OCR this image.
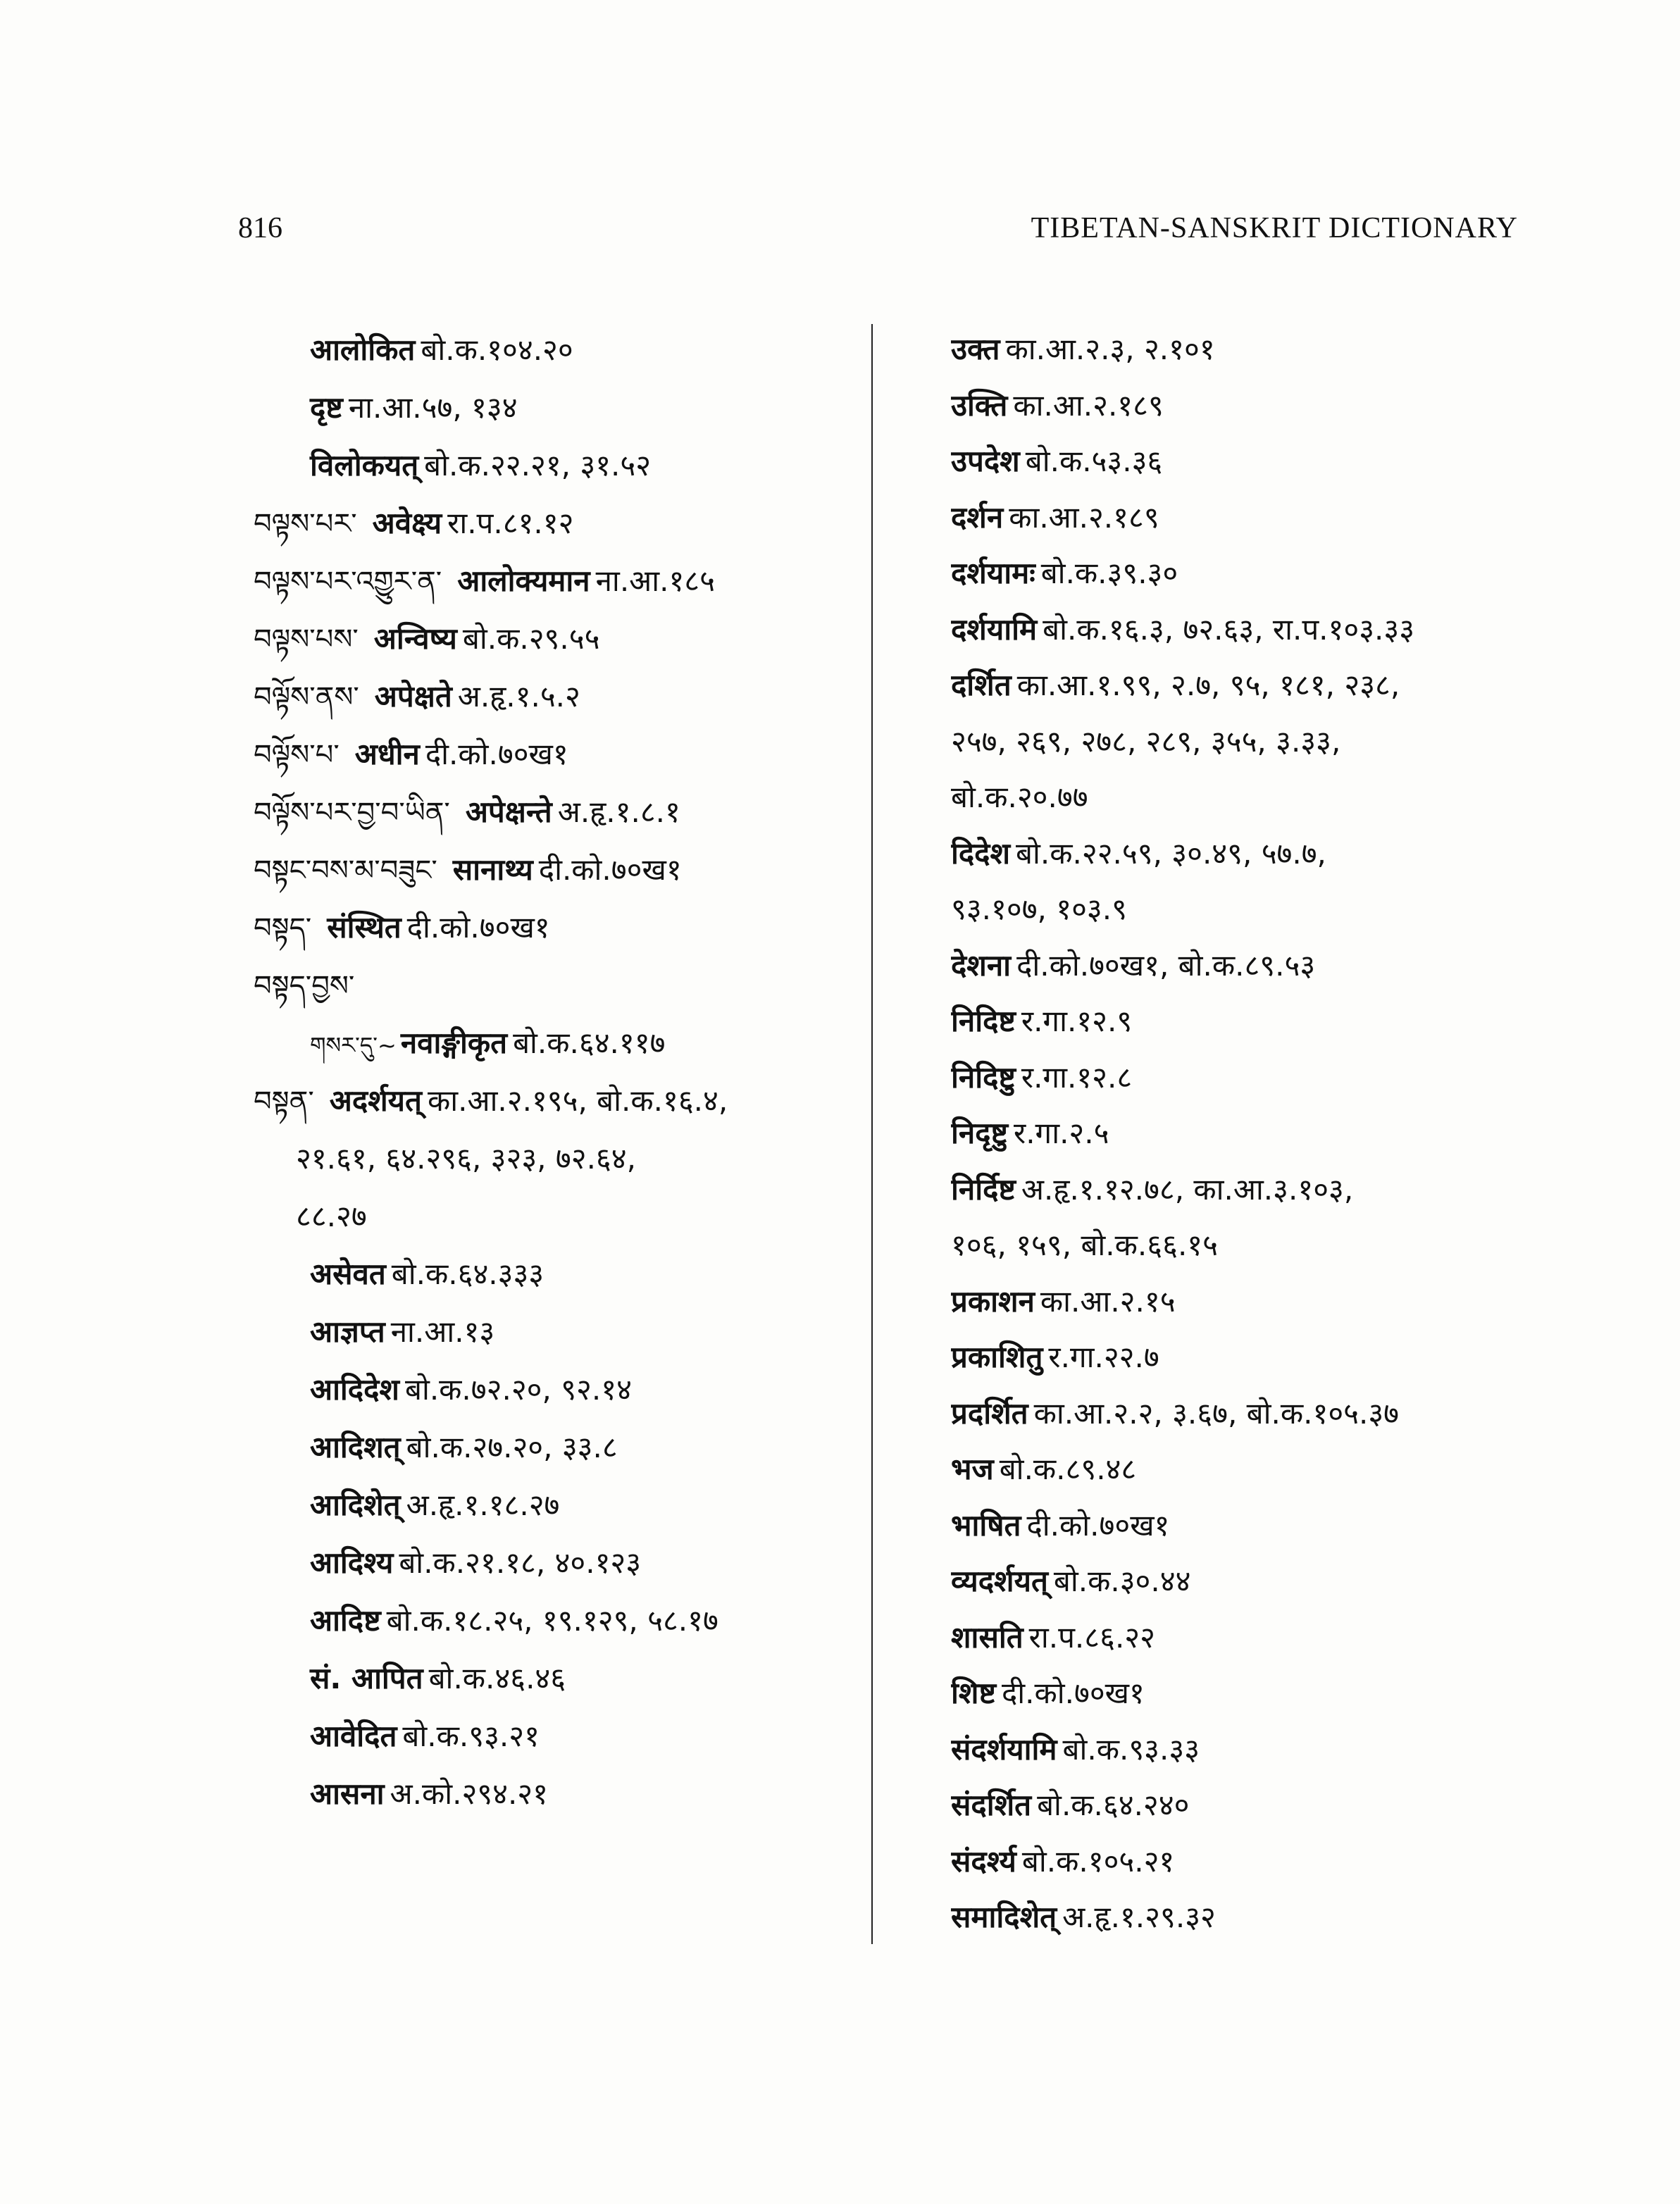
816	TIBETAN-SANSKRIT DICTIONARY
आलोकित बो.क.१०४.२०
दृष्ट ना.आ.५७, १३४
विलोकयत् बो.क.२२.२१, ३१.५२
བལྟས་པར་ अवेक्ष्य रा.प.८१.१२
བལྟས་པར་འགྱུར་ན་ आलोक्यमान ना.आ.१८५
བལྟས་པས་ अन्विष्य बो.क.२९.५५
བལྟོས་ནས་ अपेक्षते अ.हृ.१.५.२
བལྟོས་པ་ अधीन दी.को.७०ख१
བལྟོས་པར་བྱ་བ་ཡིན་ अपेक्षन्ते अ.हृ.१.८.१
བསྟང་བས་མ་བཟུང་ सानाथ्य दी.को.७०ख१
བསྟད་ संस्थित दी.को.७०ख१
བསྟད་བྱས་
གསར་དུ་~ नवाङ्गीकृत बो.क.६४.११७
བསྟན་ अदर्शयत् का.आ.२.१९५, बो.क.१६.४,
२१.६१, ६४.२९६, ३२३, ७२.६४,
८८.२७
असेवत बो.क.६४.३३३
आज्ञप्त ना.आ.१३
आदिदेश बो.क.७२.२०, ९२.१४
आदिशत् बो.क.२७.२०, ३३.८
आदिशेत् अ.हृ.१.१८.२७
आदिश्य बो.क.२१.१८, ४०.१२३
आदिष्ट बो.क.१८.२५, १९.१२९, ५८.१७
सं. आपित बो.क.४६.४६
आवेदित बो.क.९३.२१
आसना अ.को.२९४.२१
उक्त का.आ.२.३, २.१०१
उक्ति का.आ.२.१८९
उपदेश बो.क.५३.३६
दर्शन का.आ.२.१८९
दर्शयामः बो.क.३९.३०
दर्शयामि बो.क.१६.३, ७२.६३, रा.प.१०३.३३
दर्शित का.आ.१.९९, २.७, ९५, १८१, २३८,
२५७, २६९, २७८, २८९, ३५५, ३.३३,
बो.क.२०.७७
दिदेश बो.क.२२.५९, ३०.४९, ५७.७,
९३.१०७, १०३.९
देशना दी.को.७०ख१, बो.क.८९.५३
निदिष्ट र.गा.१२.९
निदिष्टु र.गा.१२.८
निदृष्टु र.गा.२.५
निर्दिष्ट अ.हृ.१.१२.७८, का.आ.३.१०३,
१०६, १५९, बो.क.६६.१५
प्रकाशन का.आ.२.१५
प्रकाशितु र.गा.२२.७
प्रदर्शित का.आ.२.२, ३.६७, बो.क.१०५.३७
भज बो.क.८९.४८
भाषित दी.को.७०ख१
व्यदर्शयत् बो.क.३०.४४
शासति रा.प.८६.२२
शिष्ट दी.को.७०ख१
संदर्शयामि बो.क.९३.३३
संदर्शित बो.क.६४.२४०
संदर्श्य बो.क.१०५.२१
समादिशेत् अ.हृ.१.२९.३२
